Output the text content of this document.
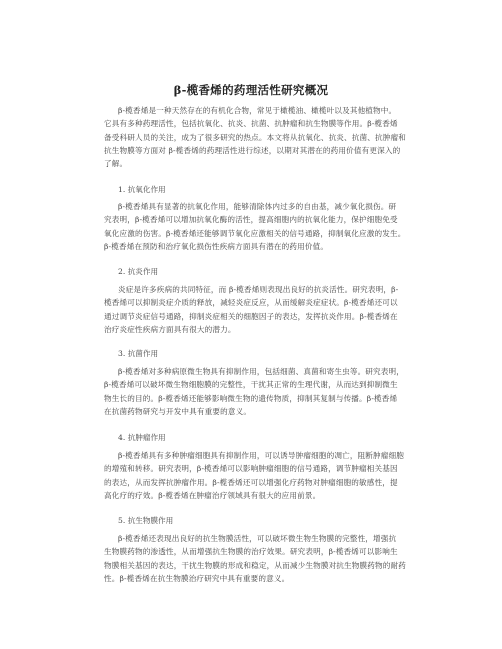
β-榄香烯的药理活性研究概况
β-榄香烯是一种天然存在的有机化合物，常见于橄榄油、橄榄叶以及其他植物中。
它具有多种药理活性，包括抗氧化、抗炎、抗菌、抗肿瘤和抗生物膜等作用。β-榄香烯
备受科研人员的关注，成为了很多研究的热点。本文将从抗氧化、抗炎、抗菌、抗肿瘤和
抗生物膜等方面对 β-榄香烯的药理活性进行综述，以期对其潜在的药用价值有更深入的
了解。
1. 抗氧化作用
β-榄香烯具有显著的抗氧化作用，能够清除体内过多的自由基，减少氧化损伤。研
究表明，β-榄香烯可以增加抗氧化酶的活性，提高细胞内的抗氧化能力，保护细胞免受
氧化应激的伤害。β-榄香烯还能够调节氧化应激相关的信号通路，抑制氧化应激的发生。
β-榄香烯在预防和治疗氧化损伤性疾病方面具有潜在的药用价值。
2. 抗炎作用
炎症是许多疾病的共同特征，而 β-榄香烯则表现出良好的抗炎活性。研究表明，β-
榄香烯可以抑制炎症介质的释放，减轻炎症反应，从而缓解炎症症状。β-榄香烯还可以
通过调节炎症信号通路，抑制炎症相关的细胞因子的表达，发挥抗炎作用。β-榄香烯在
治疗炎症性疾病方面具有很大的潜力。
3. 抗菌作用
β-榄香烯对多种病原微生物具有抑制作用，包括细菌、真菌和寄生虫等。研究表明，
β-榄香烯可以破坏微生物细胞膜的完整性，干扰其正常的生理代谢，从而达到抑制微生
物生长的目的。β-榄香烯还能够影响微生物的遗传物质，抑制其复制与传播。β-榄香烯
在抗菌药物研究与开发中具有重要的意义。
4. 抗肿瘤作用
β-榄香烯具有多种肿瘤细胞具有抑制作用，可以诱导肿瘤细胞的凋亡，阻断肿瘤细胞
的增殖和转移。研究表明，β-榄香烯可以影响肿瘤细胞的信号通路，调节肿瘤相关基因
的表达，从而发挥抗肿瘤作用。β-榄香烯还可以增强化疗药物对肿瘤细胞的敏感性，提
高化疗的疗效。β-榄香烯在肿瘤治疗领域具有很大的应用前景。
5. 抗生物膜作用
β-榄香烯还表现出良好的抗生物膜活性，可以破坏微生物生物膜的完整性，增强抗
生物膜药物的渗透性，从而增强抗生物膜的治疗效果。研究表明，β-榄香烯可以影响生
物膜相关基因的表达，干扰生物膜的形成和稳定，从而减少生物膜对抗生物膜药物的耐药
性。β-榄香烯在抗生物膜治疗研究中具有重要的意义。
